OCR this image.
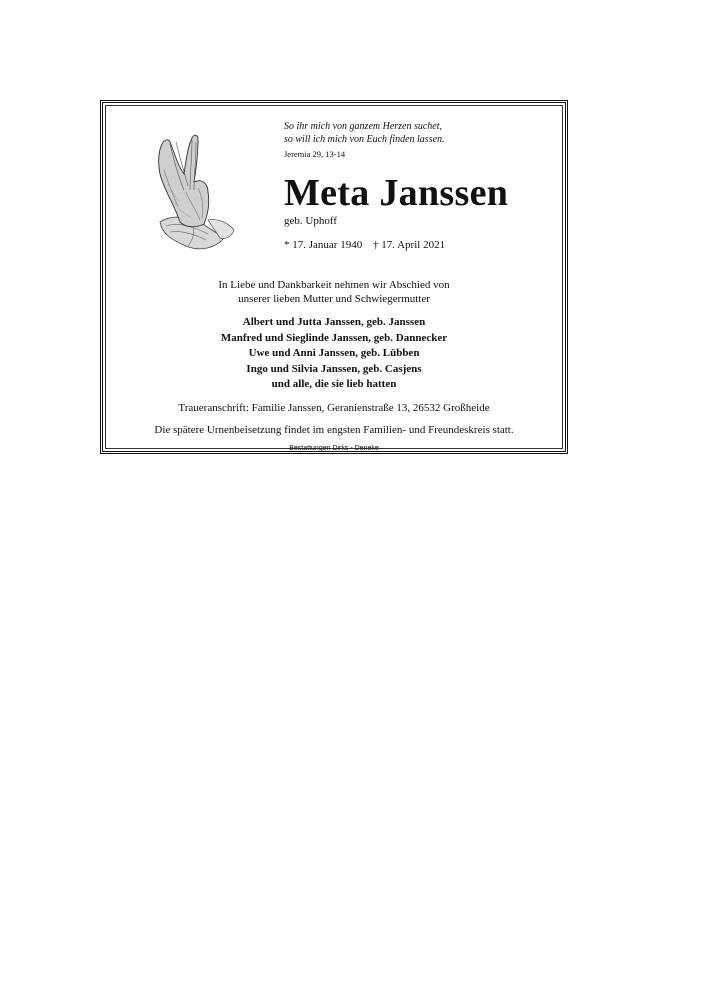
So ihr mich von ganzem Herzen suchet,
so will ich mich von Euch finden lassen.
Jeremia 29, 13-14
Meta Janssen
geb. Uphoff
* 17. Januar 1940 † 17. April 2021
In Liebe und Dankbarkeit nehmen wir Abschied von
unserer lieben Mutter und Schwiegermutter
Albert und Jutta Janssen, geb. Janssen
Manfred und Sieglinde Janssen, geb. Dannecker
Uwe und Anni Janssen, geb. Lübben
Ingo und Silvia Janssen, geb. Casjens
und alle, die sie lieb hatten
Traueranschrift: Familie Janssen, Geranienstraße 13, 26532 Großheide
Die spätere Urnenbeisetzung findet im engsten Familien- und Freundeskreis statt.
Bestattungen Dirks - Deneke
